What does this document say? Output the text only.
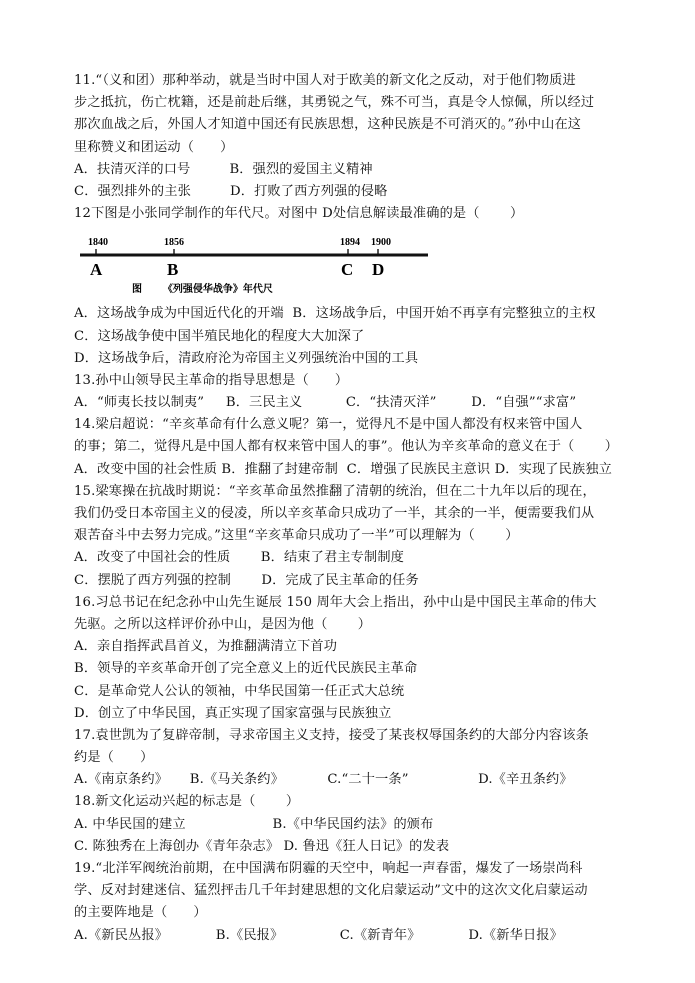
11.“（义和团）那种举动，就是当时中国人对于欧美的新文化之反动，对于他们物质进
步之抵抗，伤亡枕籍，还是前赴后继，其勇锐之气，殊不可当，真是令人惊佩，所以经过
那次血战之后，外国人才知道中国还有民族思想，这种民族是不可消灭的。”孙中山在这
里称赞义和团运动（      ）
A．扶清灭洋的口号         B．强烈的爱国主义精神
C．强烈排外的主张         D．打败了西方列强的侵略
12下图是小张同学制作的年代尺。对图中 D处信息解读最准确的是（       ）
1840	1856	1894 1900
A	B	C D
图      《列强侵华战争》年代尺
A．这场战争成为中国近代化的开端  B．这场战争后，中国开始不再享有完整独立的主权
C．这场战争使中国半殖民地化的程度大大加深了
D．这场战争后，清政府沦为帝国主义列强统治中国的工具
13.孙中山领导民主革命的指导思想是（      ）
A．“师夷长技以制夷”     B．三民主义          C．“扶清灭洋”        D．“自强”“求富”
14.梁启超说：“辛亥革命有什么意义呢？第一，觉得凡不是中国人都没有权来管中国人
的事；第二，觉得凡是中国人都有权来管中国人的事”。他认为辛亥革命的意义在于（       ）
A．改变中国的社会性质 B．推翻了封建帝制  C．增强了民族民主意识 D．实现了民族独立
15.梁寒操在抗战时期说：“辛亥革命虽然推翻了清朝的统治，但在二十九年以后的现在，
我们仍受日本帝国主义的侵凌，所以辛亥革命只成功了一半，其余的一半，便需要我们从
艰苦奋斗中去努力完成。”这里“辛亥革命只成功了一半”可以理解为（       ）
A．改变了中国社会的性质       B．结束了君主专制制度
C．摆脱了西方列强的控制       D．完成了民主革命的任务
16.习总书记在纪念孙中山先生诞辰 150 周年大会上指出，孙中山是中国民主革命的伟大
先驱。之所以这样评价孙中山，是因为他（       ）
A．亲自指挥武昌首义，为推翻满清立下首功
B．领导的辛亥革命开创了完全意义上的近代民族民主革命
C．是革命党人公认的领袖，中华民国第一任正式大总统
D．创立了中华民国，真正实现了国家富强与民族独立
17.袁世凯为了复辟帝制，寻求帝国主义支持，接受了某丧权辱国条约的大部分内容该条
约是（      ）
A.《南京条约》     B.《马关条约》          C.“二十一条”                D.《辛丑条约》
18.新文化运动兴起的标志是（       ）
A. 中华民国的建立                    B.《中华民国约法》的颁布
C. 陈独秀在上海创办《青年杂志》 D. 鲁迅《狂人日记》的发表
19.“北洋军阀统治前期，在中国满布阴霾的天空中，响起一声春雷，爆发了一场崇尚科
学、反对封建迷信、猛烈抨击几千年封建思想的文化启蒙运动”文中的这次文化启蒙运动
的主要阵地是（      ）
A.《新民丛报》           B.《民报》             C.《新青年》           D.《新华日报》
